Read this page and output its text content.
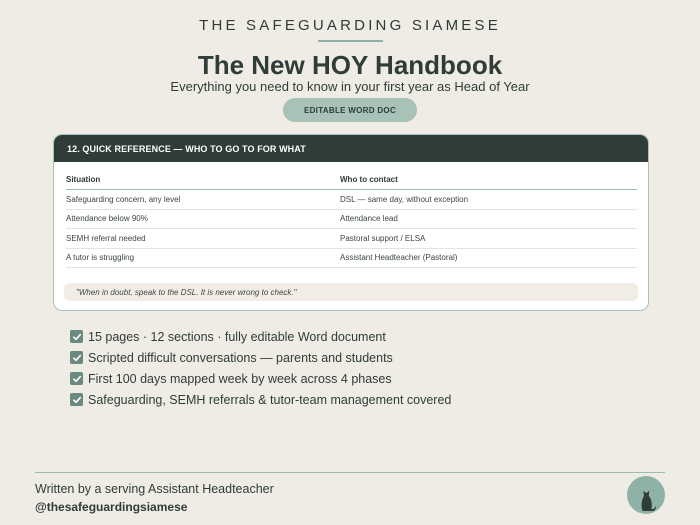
THE SAFEGUARDING SIAMESE
The New HOY Handbook
Everything you need to know in your first year as Head of Year
EDITABLE WORD DOC
12. QUICK REFERENCE — WHO TO GO TO FOR WHAT
Situation	Who to contact
Safeguarding concern, any level	DSL — same day, without exception
Attendance below 90%	Attendance lead
SEMH referral needed	Pastoral support / ELSA
A tutor is struggling	Assistant Headteacher (Pastoral)
"When in doubt, speak to the DSL. It is never wrong to check."
15 pages · 12 sections · fully editable Word document
Scripted difficult conversations — parents and students
First 100 days mapped week by week across 4 phases
Safeguarding, SEMH referrals & tutor-team management covered
Written by a serving Assistant Headteacher
@thesafeguardingsiamese
